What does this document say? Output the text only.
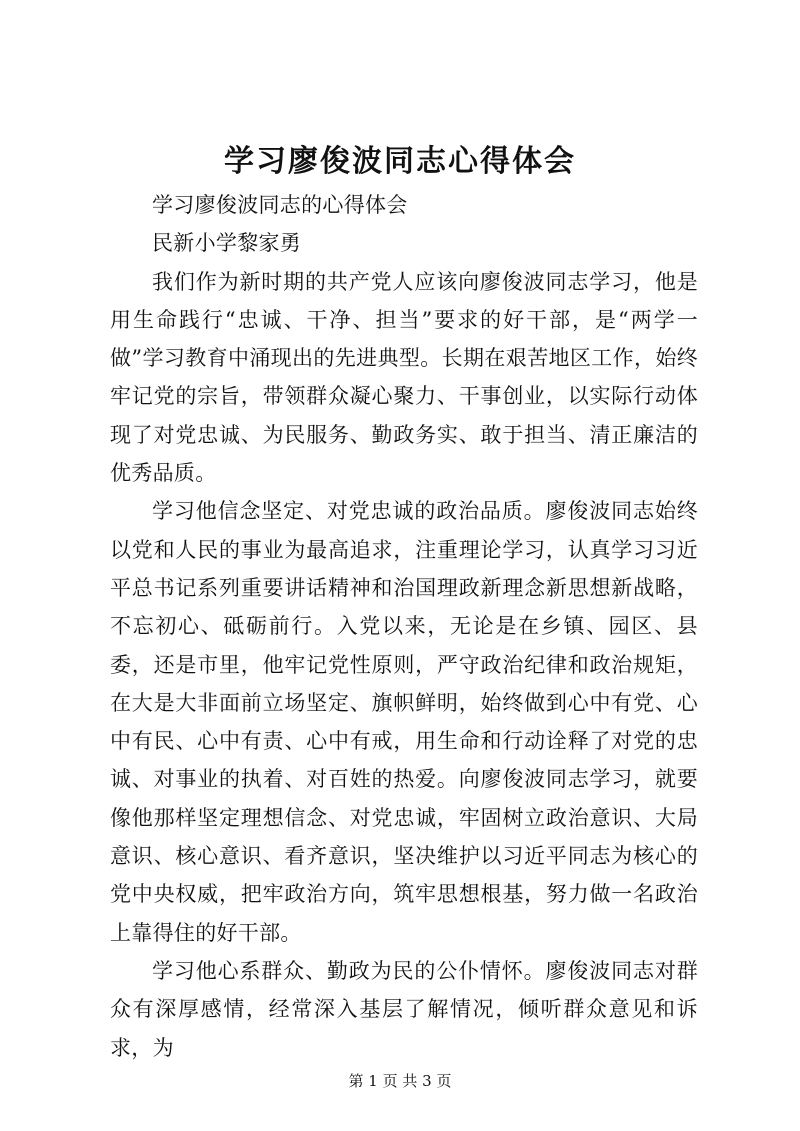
学习廖俊波同志心得体会

学习廖俊波同志的心得体会

民新小学黎家勇

我们作为新时期的共产党人应该向廖俊波同志学习，他是用生命践行“忠诚、干净、担当”要求的好干部，是“两学一做”学习教育中涌现出的先进典型。长期在艰苦地区工作，始终牢记党的宗旨，带领群众凝心聚力、干事创业，以实际行动体现了对党忠诚、为民服务、勤政务实、敢于担当、清正廉洁的优秀品质。

学习他信念坚定、对党忠诚的政治品质。廖俊波同志始终以党和人民的事业为最高追求，注重理论学习，认真学习习近平总书记系列重要讲话精神和治国理政新理念新思想新战略，不忘初心、砥砺前行。入党以来，无论是在乡镇、园区、县委，还是市里，他牢记党性原则，严守政治纪律和政治规矩，在大是大非面前立场坚定、旗帜鲜明，始终做到心中有党、心中有民、心中有责、心中有戒，用生命和行动诠释了对党的忠诚、对事业的执着、对百姓的热爱。向廖俊波同志学习，就要像他那样坚定理想信念、对党忠诚，牢固树立政治意识、大局意识、核心意识、看齐意识，坚决维护以习近平同志为核心的党中央权威，把牢政治方向，筑牢思想根基，努力做一名政治上靠得住的好干部。

学习他心系群众、勤政为民的公仆情怀。廖俊波同志对群众有深厚感情，经常深入基层了解情况，倾听群众意见和诉求，为

第 1 页 共 3 页
